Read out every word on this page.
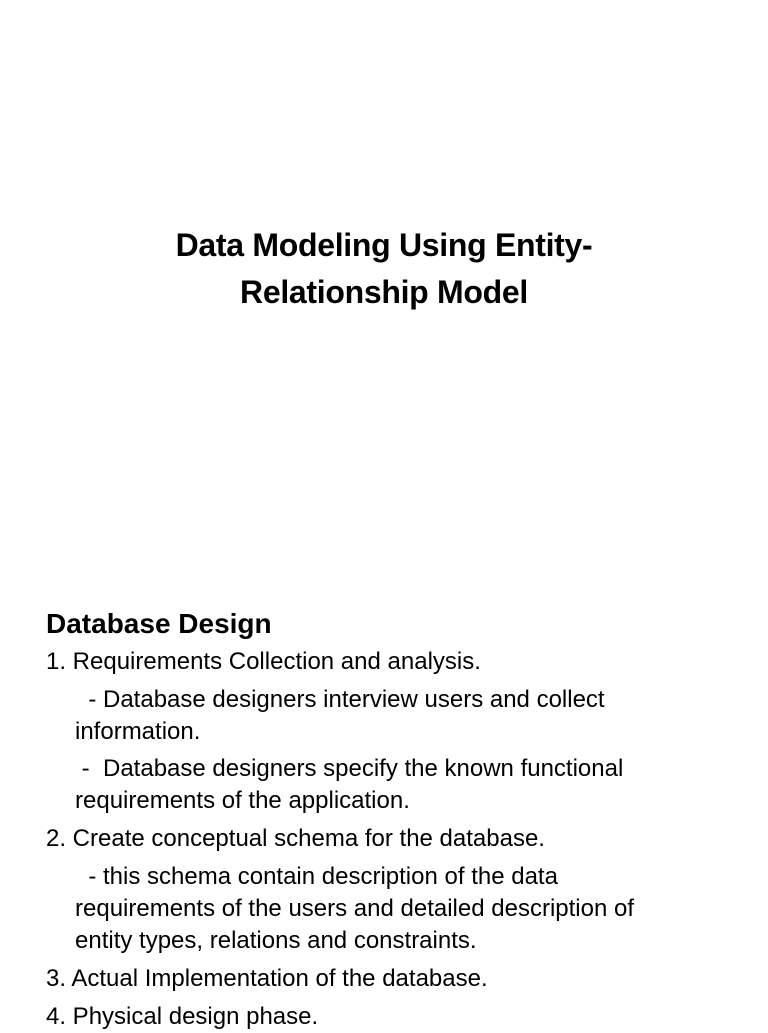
Data Modeling Using Entity-
Relationship Model
Database Design
1. Requirements Collection and analysis.
- Database designers interview users and collect
information.
-  Database designers specify the known functional
requirements of the application.
2. Create conceptual schema for the database.
- this schema contain description of the data
requirements of the users and detailed description of
entity types, relations and constraints.
3. Actual Implementation of the database.
4. Physical design phase.
